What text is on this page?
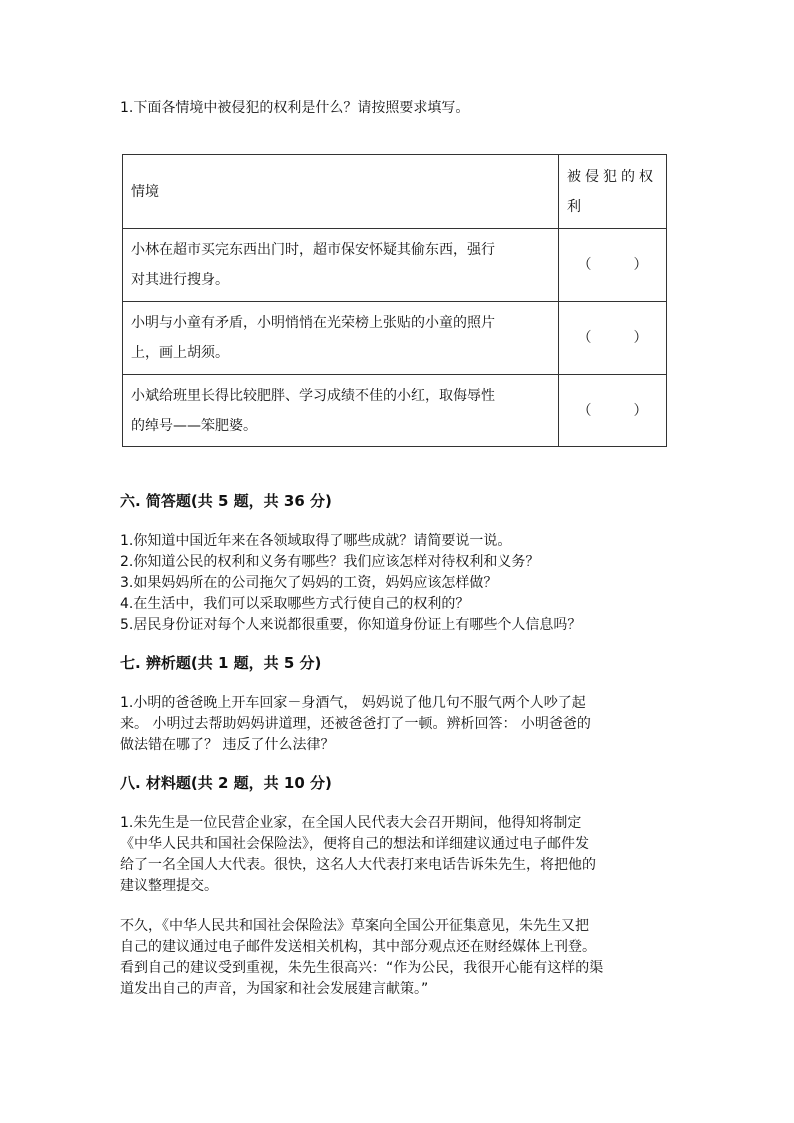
1.下面各情境中被侵犯的权利是什么？请按照要求填写。
情境	被侵犯的权利

小林在超市买完东西出门时，超市保安怀疑其偷东西，强行
对其进行搜身。	（　　　）

小明与小童有矛盾，小明悄悄在光荣榜上张贴的小童的照片
上，画上胡须。	（　　　）

小斌给班里长得比较肥胖、学习成绩不佳的小红，取侮辱性
的绰号——笨肥婆。	（　　　）
六. 简答题(共 5 题，共 36 分)
1.你知道中国近年来在各领域取得了哪些成就？请简要说一说。
2.你知道公民的权利和义务有哪些？我们应该怎样对待权利和义务？
3.如果妈妈所在的公司拖欠了妈妈的工资，妈妈应该怎样做？
4.在生活中，我们可以采取哪些方式行使自己的权利的？
5.居民身份证对每个人来说都很重要，你知道身份证上有哪些个人信息吗？
七. 辨析题(共 1 题，共 5 分)
1.小明的爸爸晚上开车回家－身酒气， 妈妈说了他几句不服气两个人吵了起
来。 小明过去帮助妈妈讲道理，还被爸爸打了一顿。辨析回答： 小明爸爸的
做法错在哪了？ 违反了什么法律？
八. 材料题(共 2 题，共 10 分)
1.朱先生是一位民营企业家，在全国人民代表大会召开期间，他得知将制定
《中华人民共和国社会保险法》，便将自己的想法和详细建议通过电子邮件发
给了一名全国人大代表。很快，这名人大代表打来电话告诉朱先生，将把他的
建议整理提交。
不久，《中华人民共和国社会保险法》草案向全国公开征集意见，朱先生又把
自己的建议通过电子邮件发送相关机构，其中部分观点还在财经媒体上刊登。
看到自己的建议受到重视，朱先生很高兴：“作为公民，我很开心能有这样的渠
道发出自己的声音，为国家和社会发展建言献策。”
